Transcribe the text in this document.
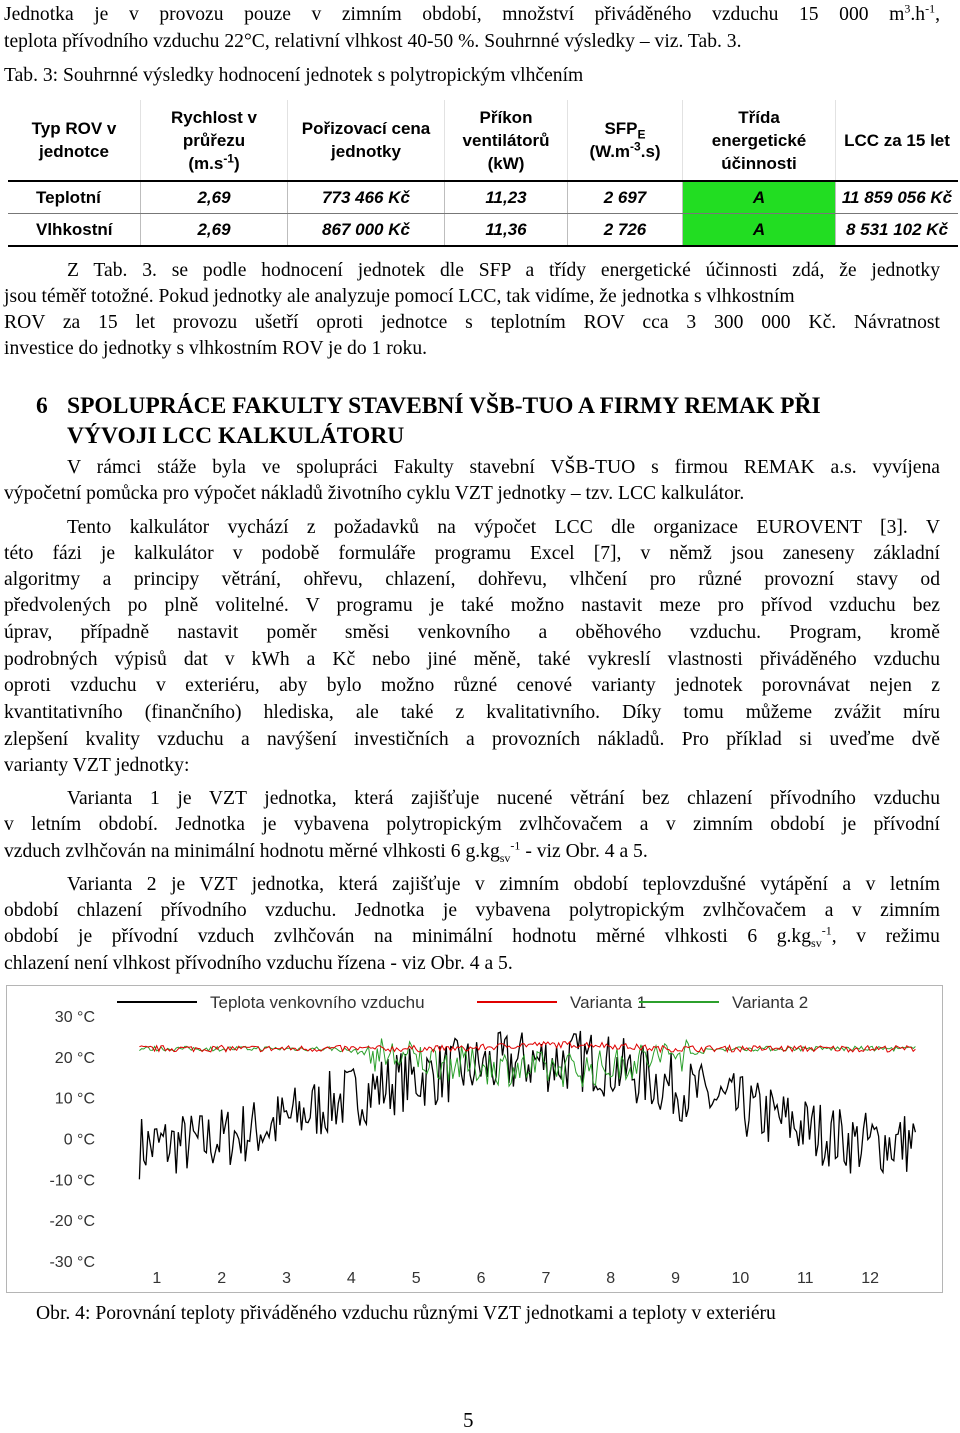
Jednotka je v provozu pouze v zimním období, množství přiváděného vzduchu 15 000 $m^3.h^{-1}$,
teplota přívodního vzduchu 22°C, relativní vlhkost 40-50 %. Souhrnné výsledky – viz. Tab. 3.
Tab. 3: Souhrnné výsledky hodnocení jednotek s polytropickým vlhčením
Typ ROV v
jednotce	Rychlost v
průřezu
$(m.s^{-1})$	Pořizovací cena
jednotky	Příkon
ventilátorů
(kW)	$SFP_E$
$(W.m^{-3}.s)$	Třída
energetické
účinnosti	LCC za 15 let
Teplotní	2,69	773 466 Kč	11,23	2 697	A	11 859 056 Kč
Vlhkostní	2,69	867 000 Kč	11,36	2 726	A	8 531 102 Kč
Z Tab. 3. se podle hodnocení jednotek dle SFP a třídy energetické účinnosti zdá, že jednotky
jsou téměř totožné. Pokud jednotky ale analyzuje pomocí LCC, tak vidíme, že jednotka s vlhkostním
ROV za 15 let provozu ušetří oproti jednotce s teplotním ROV cca 3 300 000 Kč. Návratnost
investice do jednotky s vlhkostním ROV je do 1 roku.
6 SPOLUPRÁCE FAKULTY STAVEBNÍ VŠB-TUO A FIRMY REMAK PŘI
VÝVOJI LCC KALKULÁTORU
V rámci stáže byla ve spolupráci Fakulty stavební VŠB-TUO s firmou REMAK a.s. vyvíjena
výpočetní pomůcka pro výpočet nákladů životního cyklu VZT jednotky – tzv. LCC kalkulátor.
Tento kalkulátor vychází z požadavků na výpočet LCC dle organizace EUROVENT [3]. V
této fázi je kalkulátor v podobě formuláře programu Excel [7], v němž jsou zaneseny základní
algoritmy a principy větrání, ohřevu, chlazení, dohřevu, vlhčení pro různé provozní stavy od
předvolených po plně volitelné. V programu je také možno nastavit meze pro přívod vzduchu bez
úprav, případně nastavit poměr směsi venkovního a oběhového vzduchu. Program, kromě
podrobných výpisů dat v kWh a Kč nebo jiné měně, také vykreslí vlastnosti přiváděného vzduchu
oproti vzduchu v exteriéru, aby bylo možno různé cenové varianty jednotek porovnávat nejen z
kvantitativního (finančního) hlediska, ale také z kvalitativního. Díky tomu můžeme zvážit míru
zlepšení kvality vzduchu a navýšení investičních a provozních nákladů. Pro příklad si uveďme dvě
varianty VZT jednotky:
Varianta 1 je VZT jednotka, která zajišťuje nucené větrání bez chlazení přívodního vzduchu
v letním období. Jednotka je vybavena polytropickým zvlhčovačem a v zimním období je přívodní
vzduch zvlhčován na minimální hodnotu měrné vlhkosti 6 $g.kg_{sv}^{-1}$ - viz Obr. 4 a 5.
Varianta 2 je VZT jednotka, která zajišťuje v zimním období teplovzdušné vytápění a v letním
období chlazení přívodního vzduchu. Jednotka je vybavena polytropickým zvlhčovačem a v zimním
období je přívodní vzduch zvlhčován na minimální hodnotu měrné vlhkosti 6 $g.kg_{sv}^{-1}$, v režimu
chlazení není vlhkost přívodního vzduchu řízena - viz Obr. 4 a 5.
Teplota venkovního vzduchu	Varianta 1	Varianta 2
30 °C
20 °C
10 °C
0 °C
-10 °C
-20 °C
-30 °C
1	2	3	4	5	6	7	8	9	10	11	12
Obr. 4: Porovnání teploty přiváděného vzduchu různými VZT jednotkami a teploty v exteriéru
5
